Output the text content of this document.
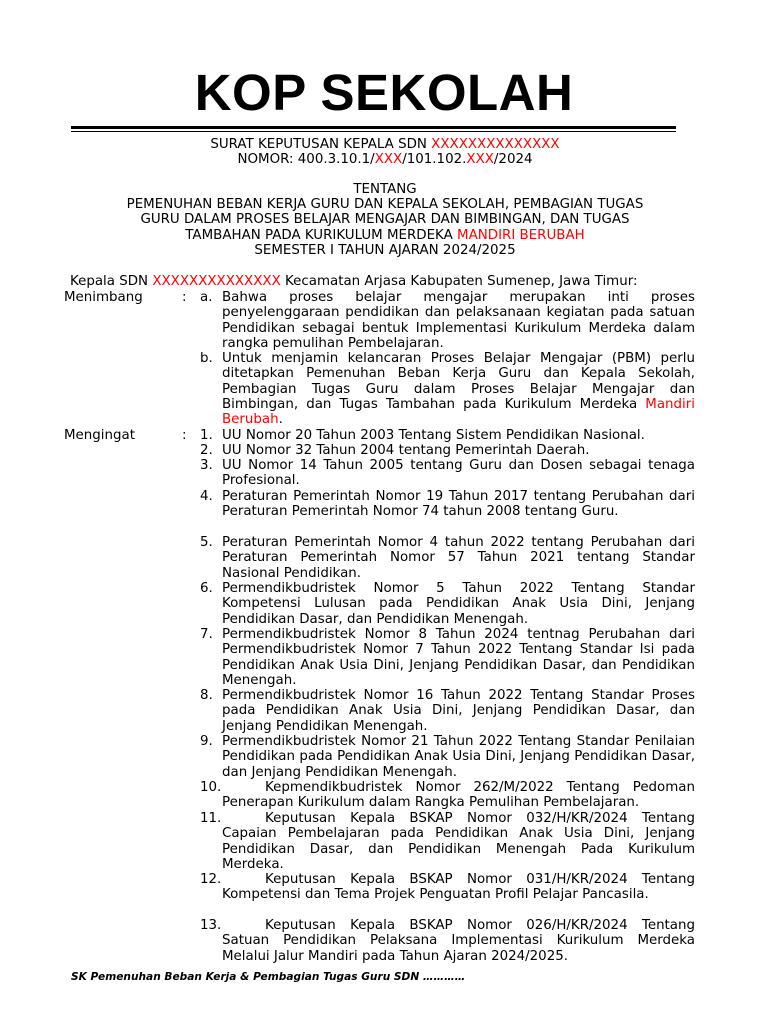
KOP SEKOLAH
SURAT KEPUTUSAN KEPALA SDN XXXXXXXXXXXXXX
NOMOR: 400.3.10.1/XXX/101.102.XXX/2024
TENTANG
PEMENUHAN BEBAN KERJA GURU DAN KEPALA SEKOLAH, PEMBAGIAN TUGAS
GURU DALAM PROSES BELAJAR MENGAJAR DAN BIMBINGAN, DAN TUGAS
TAMBAHAN PADA KURIKULUM MERDEKA MANDIRI BERUBAH
SEMESTER I TAHUN AJARAN 2024/2025
Kepala SDN XXXXXXXXXXXXXX Kecamatan Arjasa Kabupaten Sumenep, Jawa Timur:
Menimbang	: a. Bahwa proses belajar mengajar merupakan inti proses penyelenggaraan pendidikan dan pelaksanaan kegiatan pada satuan Pendidikan sebagai bentuk Implementasi Kurikulum Merdeka dalam rangka pemulihan Pembelajaran.
b. Untuk menjamin kelancaran Proses Belajar Mengajar (PBM) perlu ditetapkan Pemenuhan Beban Kerja Guru dan Kepala Sekolah, Pembagian Tugas Guru dalam Proses Belajar Mengajar dan Bimbingan, dan Tugas Tambahan pada Kurikulum Merdeka Mandiri Berubah.
Mengingat	: 1. UU Nomor 20 Tahun 2003 Tentang Sistem Pendidikan Nasional.
2. UU Nomor 32 Tahun 2004 tentang Pemerintah Daerah.
3. UU Nomor 14 Tahun 2005 tentang Guru dan Dosen sebagai tenaga Profesional.
4. Peraturan Pemerintah Nomor 19 Tahun 2017 tentang Perubahan dari Peraturan Pemerintah Nomor 74 tahun 2008 tentang Guru.
5. Peraturan Pemerintah Nomor 4 tahun 2022 tentang Perubahan dari Peraturan Pemerintah Nomor 57 Tahun 2021 tentang Standar Nasional Pendidikan.
6. Permendikbudristek Nomor 5 Tahun 2022 Tentang Standar Kompetensi Lulusan pada Pendidikan Anak Usia Dini, Jenjang Pendidikan Dasar, dan Pendidikan Menengah.
7. Permendikbudristek Nomor 8 Tahun 2024 tentnag Perubahan dari Permendikbudristek Nomor 7 Tahun 2022 Tentang Standar Isi pada Pendidikan Anak Usia Dini, Jenjang Pendidikan Dasar, dan Pendidikan Menengah.
8. Permendikbudristek Nomor 16 Tahun 2022 Tentang Standar Proses pada Pendidikan Anak Usia Dini, Jenjang Pendidikan Dasar, dan Jenjang Pendidikan Menengah.
9. Permendikbudristek Nomor 21 Tahun 2022 Tentang Standar Penilaian Pendidikan pada Pendidikan Anak Usia Dini, Jenjang Pendidikan Dasar, dan Jenjang Pendidikan Menengah.
10.	Kepmendikbudristek Nomor 262/M/2022 Tentang Pedoman Penerapan Kurikulum dalam Rangka Pemulihan Pembelajaran.
11.	Keputusan Kepala BSKAP Nomor 032/H/KR/2024 Tentang Capaian Pembelajaran pada Pendidikan Anak Usia Dini, Jenjang Pendidikan Dasar, dan Pendidikan Menengah Pada Kurikulum Merdeka.
12.	Keputusan Kepala BSKAP Nomor 031/H/KR/2024 Tentang Kompetensi dan Tema Projek Penguatan Profil Pelajar Pancasila.
13.	Keputusan Kepala BSKAP Nomor 026/H/KR/2024 Tentang Satuan Pendidikan Pelaksana Implementasi Kurikulum Merdeka Melalui Jalur Mandiri pada Tahun Ajaran 2024/2025.
SK Pemenuhan Beban Kerja & Pembagian Tugas Guru SDN …………
